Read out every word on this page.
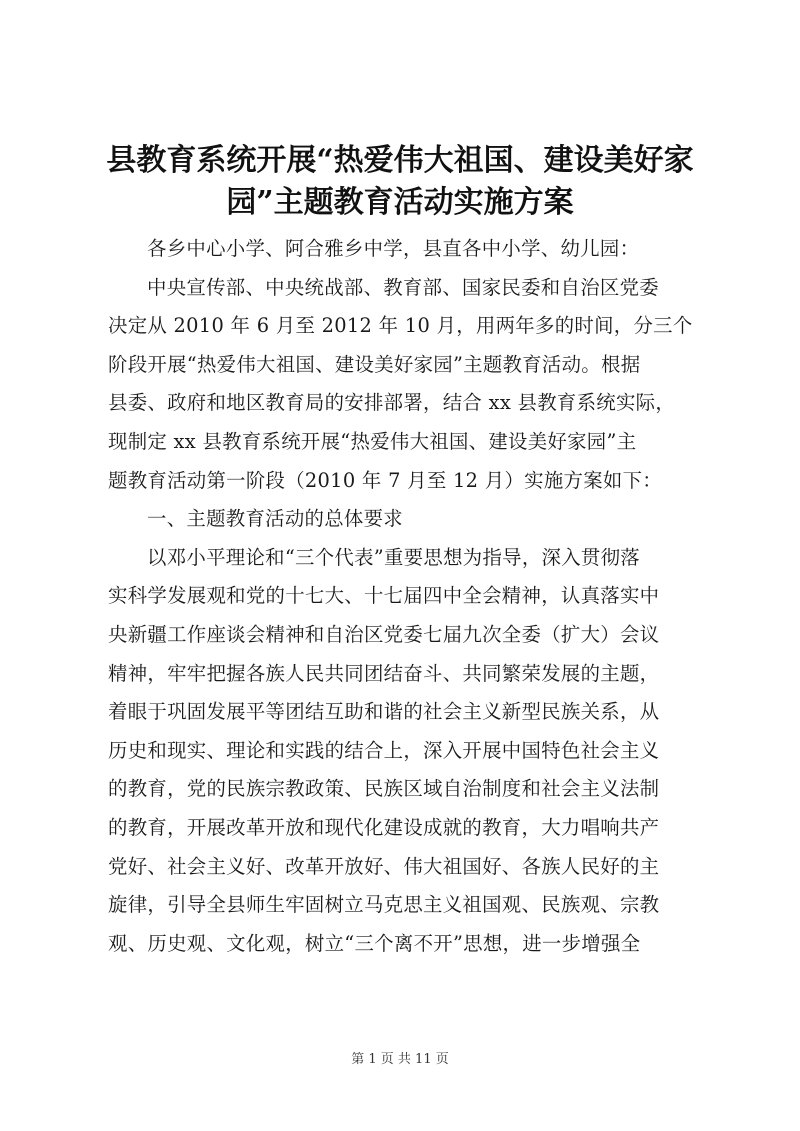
县教育系统开展“热爱伟大祖国、建设美好家
园”主题教育活动实施方案
各乡中心小学、阿合雅乡中学，县直各中小学、幼儿园：
中央宣传部、中央统战部、教育部、国家民委和自治区党委
决定从 2010 年 6 月至 2012 年 10 月，用两年多的时间，分三个
阶段开展“热爱伟大祖国、建设美好家园”主题教育活动。根据
县委、政府和地区教育局的安排部署，结合 xx 县教育系统实际，
现制定 xx 县教育系统开展“热爱伟大祖国、建设美好家园”主
题教育活动第一阶段（2010 年 7 月至 12 月）实施方案如下：
一、主题教育活动的总体要求
以邓小平理论和“三个代表”重要思想为指导，深入贯彻落
实科学发展观和党的十七大、十七届四中全会精神，认真落实中
央新疆工作座谈会精神和自治区党委七届九次全委（扩大）会议
精神，牢牢把握各族人民共同团结奋斗、共同繁荣发展的主题，
着眼于巩固发展平等团结互助和谐的社会主义新型民族关系，从
历史和现实、理论和实践的结合上，深入开展中国特色社会主义
的教育，党的民族宗教政策、民族区域自治制度和社会主义法制
的教育，开展改革开放和现代化建设成就的教育，大力唱响共产
党好、社会主义好、改革开放好、伟大祖国好、各族人民好的主
旋律，引导全县师生牢固树立马克思主义祖国观、民族观、宗教
观、历史观、文化观，树立“三个离不开”思想，进一步增强全
第 1 页 共 11 页
